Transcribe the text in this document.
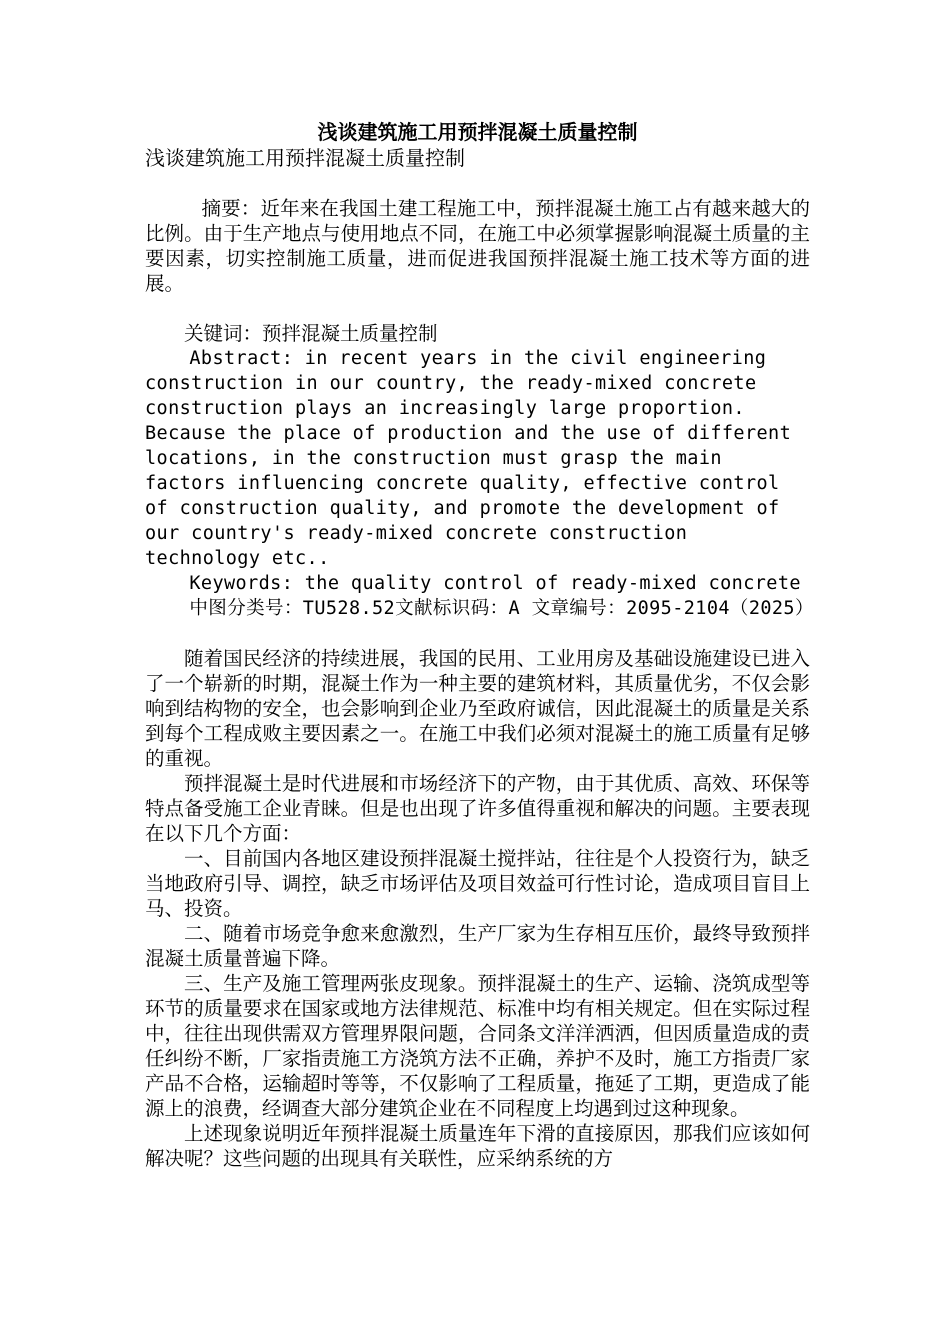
浅谈建筑施工用预拌混凝土质量控制

浅谈建筑施工用预拌混凝土质量控制

摘要：近年来在我国土建工程施工中，预拌混凝土施工占有越来越大的比例。由于生产地点与使用地点不同，在施工中必须掌握影响混凝土质量的主要因素，切实控制施工质量，进而促进我国预拌混凝土施工技术等方面的进展。

关键词：预拌混凝土质量控制

Abstract: in recent years in the civil engineering construction in our country, the ready-mixed concrete construction plays an increasingly large proportion. Because the place of production and the use of different locations, in the construction must grasp the main factors influencing concrete quality, effective control of construction quality, and promote the development of our country's ready-mixed concrete construction technology etc..

Keywords: the quality control of ready-mixed concrete

中图分类号：TU528.52文献标识码：A 文章编号：2095-2104（2025）

随着国民经济的持续进展，我国的民用、工业用房及基础设施建设已进入了一个崭新的时期，混凝土作为一种主要的建筑材料，其质量优劣，不仅会影响到结构物的安全，也会影响到企业乃至政府诚信，因此混凝土的质量是关系到每个工程成败主要因素之一。在施工中我们必须对混凝土的施工质量有足够的重视。

预拌混凝土是时代进展和市场经济下的产物，由于其优质、高效、环保等特点备受施工企业青睐。但是也出现了许多值得重视和解决的问题。主要表现在以下几个方面：

一、目前国内各地区建设预拌混凝土搅拌站，往往是个人投资行为，缺乏当地政府引导、调控，缺乏市场评估及项目效益可行性讨论，造成项目盲目上马、投资。

二、随着市场竞争愈来愈激烈，生产厂家为生存相互压价，最终导致预拌混凝土质量普遍下降。

三、生产及施工管理两张皮现象。预拌混凝土的生产、运输、浇筑成型等环节的质量要求在国家或地方法律规范、标准中均有相关规定。但在实际过程中，往往出现供需双方管理界限问题，合同条文洋洋洒洒，但因质量造成的责任纠纷不断，厂家指责施工方浇筑方法不正确，养护不及时，施工方指责厂家产品不合格，运输超时等等，不仅影响了工程质量，拖延了工期，更造成了能源上的浪费，经调查大部分建筑企业在不同程度上均遇到过这种现象。

上述现象说明近年预拌混凝土质量连年下滑的直接原因，那我们应该如何解决呢？这些问题的出现具有关联性，应采纳系统的方
